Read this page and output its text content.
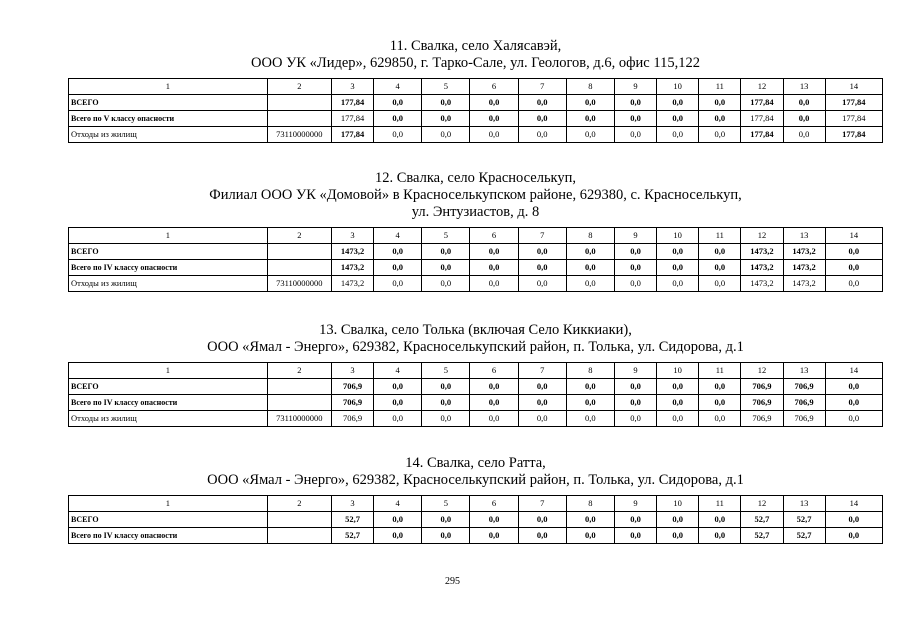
11. Свалка, село Халясавэй,
ООО УК «Лидер», 629850, г. Тарко-Сале, ул. Геологов, д.6, офис 115,122
1	2	3	4	5	6	7	8	9	10	11	12	13	14
ВСЕГО		177,84	0,0	0,0	0,0	0,0	0,0	0,0	0,0	0,0	177,84	0,0	177,84
Всего по V классу опасности		177,84	0,0	0,0	0,0	0,0	0,0	0,0	0,0	0,0	177,84	0,0	177,84
Отходы из жилищ	73110000000	177,84	0,0	0,0	0,0	0,0	0,0	0,0	0,0	0,0	177,84	0,0	177,84
12. Свалка, село Красноселькуп,
Филиал ООО УК «Домовой» в Красноселькупском районе, 629380, с. Красноселькуп,
ул. Энтузиастов, д. 8
1	2	3	4	5	6	7	8	9	10	11	12	13	14
ВСЕГО		1473,2	0,0	0,0	0,0	0,0	0,0	0,0	0,0	0,0	1473,2	1473,2	0,0
Всего по IV классу опасности		1473,2	0,0	0,0	0,0	0,0	0,0	0,0	0,0	0,0	1473,2	1473,2	0,0
Отходы из жилищ	73110000000	1473,2	0,0	0,0	0,0	0,0	0,0	0,0	0,0	0,0	1473,2	1473,2	0,0
13. Свалка, село Толька (включая Село Киккиаки),
ООО «Ямал - Энерго», 629382, Красноселькупский район, п. Толька, ул. Сидорова, д.1
1	2	3	4	5	6	7	8	9	10	11	12	13	14
ВСЕГО		706,9	0,0	0,0	0,0	0,0	0,0	0,0	0,0	0,0	706,9	706,9	0,0
Всего по IV классу опасности		706,9	0,0	0,0	0,0	0,0	0,0	0,0	0,0	0,0	706,9	706,9	0,0
Отходы из жилищ	73110000000	706,9	0,0	0,0	0,0	0,0	0,0	0,0	0,0	0,0	706,9	706,9	0,0
14. Свалка, село Ратта,
ООО «Ямал - Энерго», 629382, Красноселькупский район, п. Толька, ул. Сидорова, д.1
1	2	3	4	5	6	7	8	9	10	11	12	13	14
ВСЕГО		52,7	0,0	0,0	0,0	0,0	0,0	0,0	0,0	0,0	52,7	52,7	0,0
Всего по IV классу опасности		52,7	0,0	0,0	0,0	0,0	0,0	0,0	0,0	0,0	52,7	52,7	0,0
295
